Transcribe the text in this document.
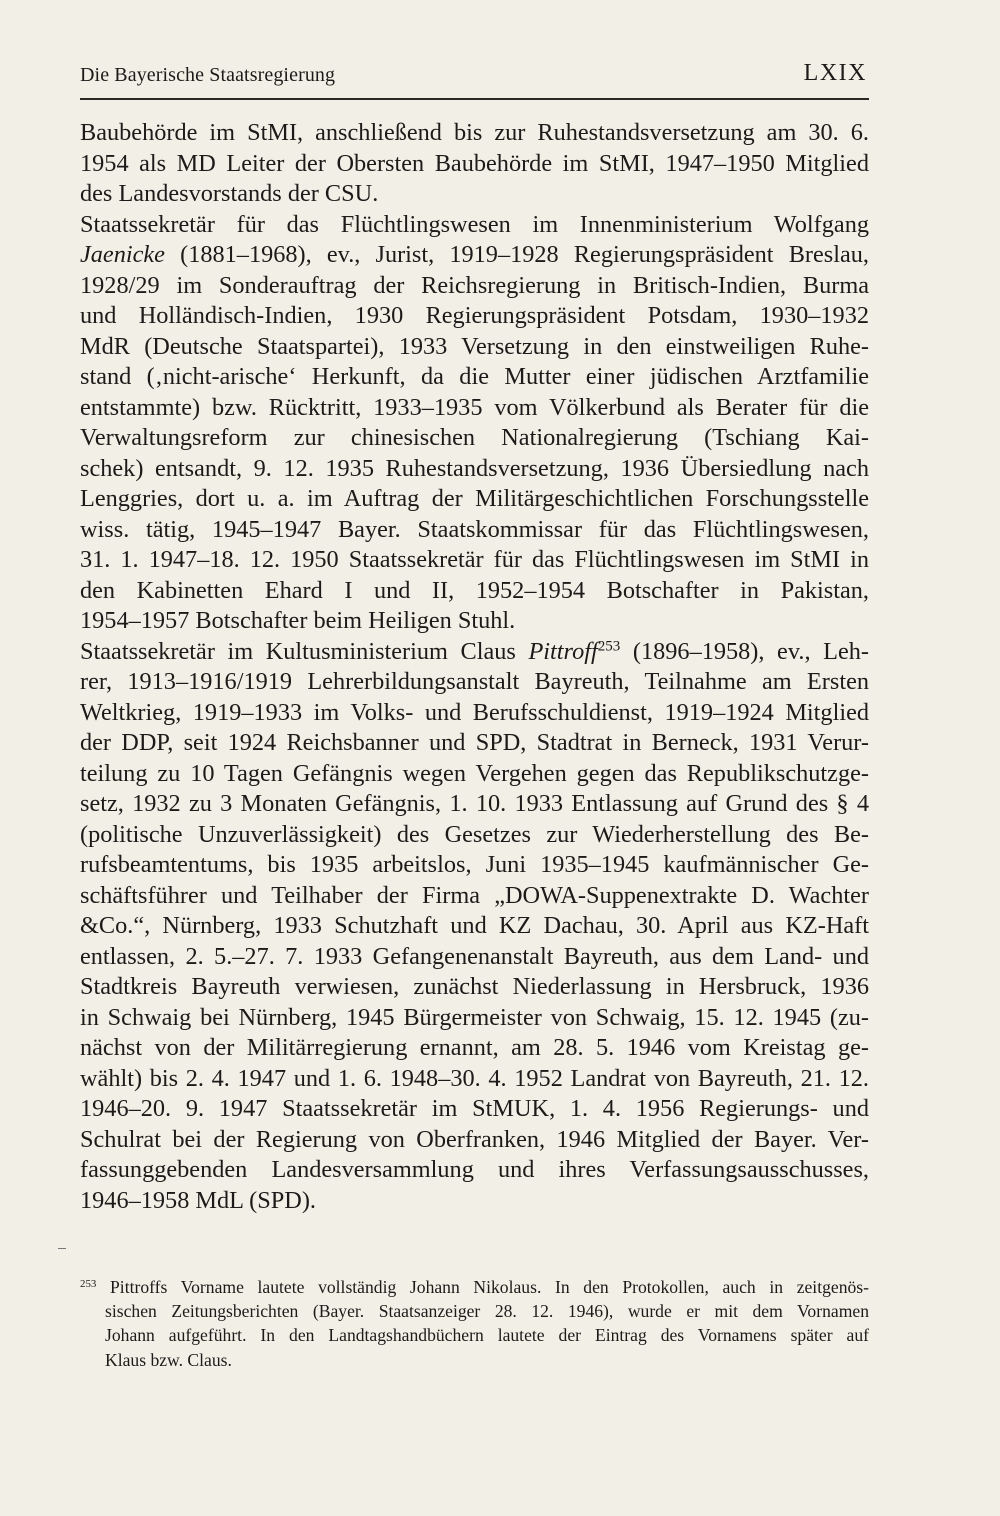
Die Bayerische Staatsregierung	LXIX
Baubehörde im StMI, anschließend bis zur Ruhestandsversetzung am 30. 6.
1954 als MD Leiter der Obersten Baubehörde im StMI, 1947–1950 Mitglied
des Landesvorstands der CSU.
Staatssekretär für das Flüchtlingswesen im Innenministerium Wolfgang
Jaenicke (1881–1968), ev., Jurist, 1919–1928 Regierungspräsident Breslau,
1928/29 im Sonderauftrag der Reichsregierung in Britisch-Indien, Burma
und Holländisch-Indien, 1930 Regierungspräsident Potsdam, 1930–1932
MdR (Deutsche Staatspartei), 1933 Versetzung in den einstweiligen Ruhe-
stand (‚nicht-arische‘ Herkunft, da die Mutter einer jüdischen Arztfamilie
entstammte) bzw. Rücktritt, 1933–1935 vom Völkerbund als Berater für die
Verwaltungsreform zur chinesischen Nationalregierung (Tschiang Kai-
schek) entsandt, 9. 12. 1935 Ruhestandsversetzung, 1936 Übersiedlung nach
Lenggries, dort u. a. im Auftrag der Militärgeschichtlichen Forschungsstelle
wiss. tätig, 1945–1947 Bayer. Staatskommissar für das Flüchtlingswesen,
31. 1. 1947–18. 12. 1950 Staatssekretär für das Flüchtlingswesen im StMI in
den Kabinetten Ehard I und II, 1952–1954 Botschafter in Pakistan,
1954–1957 Botschafter beim Heiligen Stuhl.
Staatssekretär im Kultusministerium Claus Pittroff$^{253}$ (1896–1958), ev., Leh-
rer, 1913–1916/1919 Lehrerbildungsanstalt Bayreuth, Teilnahme am Ersten
Weltkrieg, 1919–1933 im Volks- und Berufsschuldienst, 1919–1924 Mitglied
der DDP, seit 1924 Reichsbanner und SPD, Stadtrat in Berneck, 1931 Verur-
teilung zu 10 Tagen Gefängnis wegen Vergehen gegen das Republikschutzge-
setz, 1932 zu 3 Monaten Gefängnis, 1. 10. 1933 Entlassung auf Grund des § 4
(politische Unzuverlässigkeit) des Gesetzes zur Wiederherstellung des Be-
rufsbeamtentums, bis 1935 arbeitslos, Juni 1935–1945 kaufmännischer Ge-
schäftsführer und Teilhaber der Firma „DOWA-Suppenextrakte D. Wachter
&Co.“, Nürnberg, 1933 Schutzhaft und KZ Dachau, 30. April aus KZ-Haft
entlassen, 2. 5.–27. 7. 1933 Gefangenenanstalt Bayreuth, aus dem Land- und
Stadtkreis Bayreuth verwiesen, zunächst Niederlassung in Hersbruck, 1936
in Schwaig bei Nürnberg, 1945 Bürgermeister von Schwaig, 15. 12. 1945 (zu-
nächst von der Militärregierung ernannt, am 28. 5. 1946 vom Kreistag ge-
wählt) bis 2. 4. 1947 und 1. 6. 1948–30. 4. 1952 Landrat von Bayreuth, 21. 12.
1946–20. 9. 1947 Staatssekretär im StMUK, 1. 4. 1956 Regierungs- und
Schulrat bei der Regierung von Oberfranken, 1946 Mitglied der Bayer. Ver-
fassunggebenden Landesversammlung und ihres Verfassungsausschusses,
1946–1958 MdL (SPD).
$^{253}$ Pittroffs Vorname lautete vollständig Johann Nikolaus. In den Protokollen, auch in zeitgenös-
sischen Zeitungsberichten (Bayer. Staatsanzeiger 28. 12. 1946), wurde er mit dem Vornamen
Johann aufgeführt. In den Landtagshandbüchern lautete der Eintrag des Vornamens später auf
Klaus bzw. Claus.
